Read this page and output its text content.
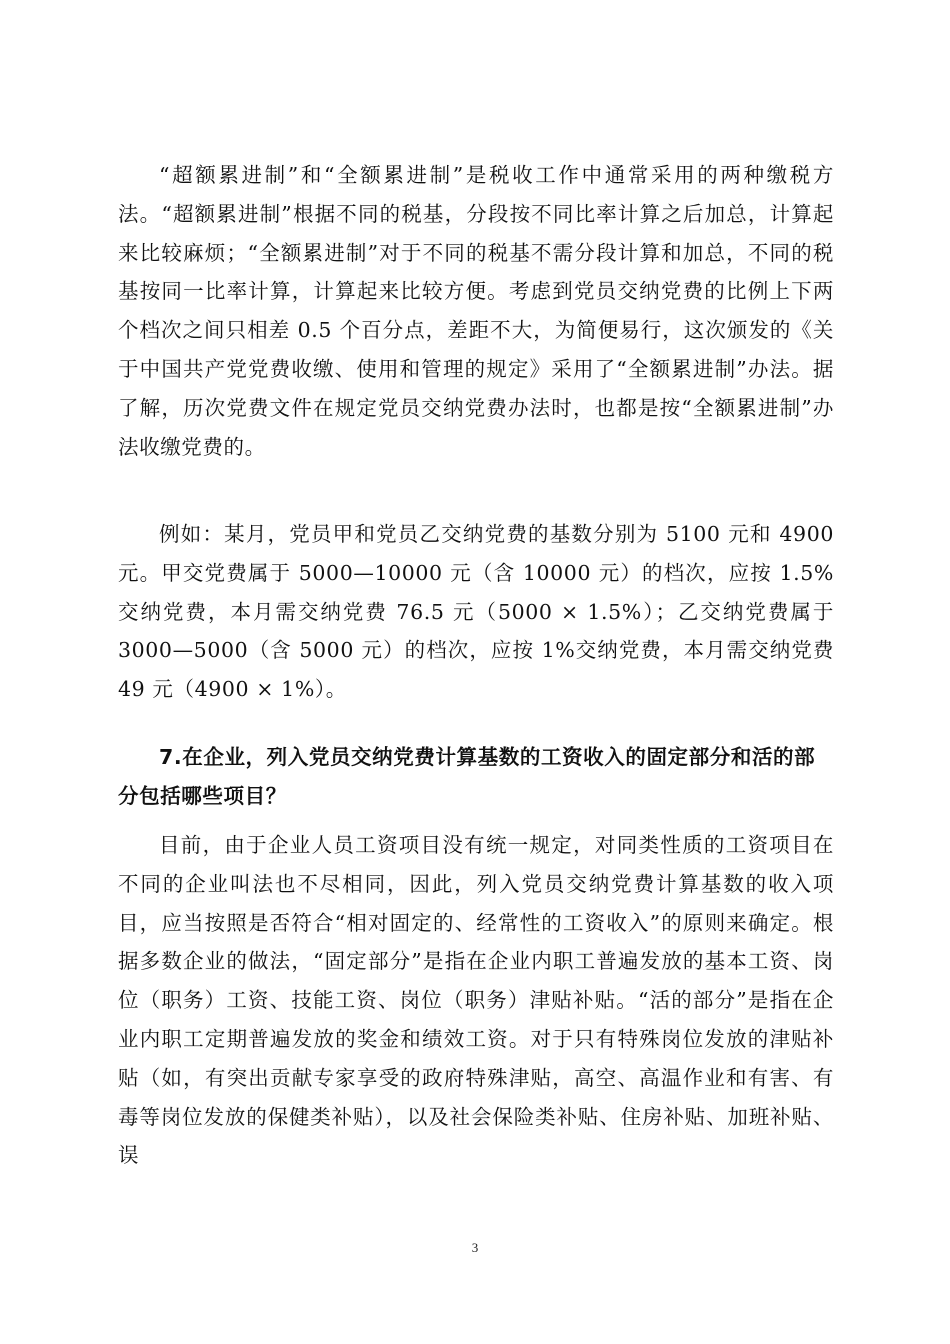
“超额累进制”和“全额累进制”是税收工作中通常采用的两种缴税方法。“超额累进制”根据不同的税基，分段按不同比率计算之后加总，计算起来比较麻烦；“全额累进制”对于不同的税基不需分段计算和加总，不同的税基按同一比率计算，计算起来比较方便。考虑到党员交纳党费的比例上下两个档次之间只相差 0.5 个百分点，差距不大，为简便易行，这次颁发的《关于中国共产党党费收缴、使用和管理的规定》采用了“全额累进制”办法。据了解，历次党费文件在规定党员交纳党费办法时，也都是按“全额累进制”办法收缴党费的。

例如：某月，党员甲和党员乙交纳党费的基数分别为 5100 元和 4900 元。甲交党费属于 5000—10000 元（含 10000 元）的档次，应按 1.5%交纳党费，本月需交纳党费 76.5 元（5000 × 1.5%）；乙交纳党费属于 3000—5000（含 5000 元）的档次，应按 1%交纳党费，本月需交纳党费 49 元（4900 × 1%）。

7.在企业，列入党员交纳党费计算基数的工资收入的固定部分和活的部分包括哪些项目？

目前，由于企业人员工资项目没有统一规定，对同类性质的工资项目在不同的企业叫法也不尽相同，因此，列入党员交纳党费计算基数的收入项目，应当按照是否符合“相对固定的、经常性的工资收入”的原则来确定。根据多数企业的做法，“固定部分”是指在企业内职工普遍发放的基本工资、岗位（职务）工资、技能工资、岗位（职务）津贴补贴。“活的部分”是指在企业内职工定期普遍发放的奖金和绩效工资。对于只有特殊岗位发放的津贴补贴（如，有突出贡献专家享受的政府特殊津贴，高空、高温作业和有害、有毒等岗位发放的保健类补贴），以及社会保险类补贴、住房补贴、加班补贴、误

3
